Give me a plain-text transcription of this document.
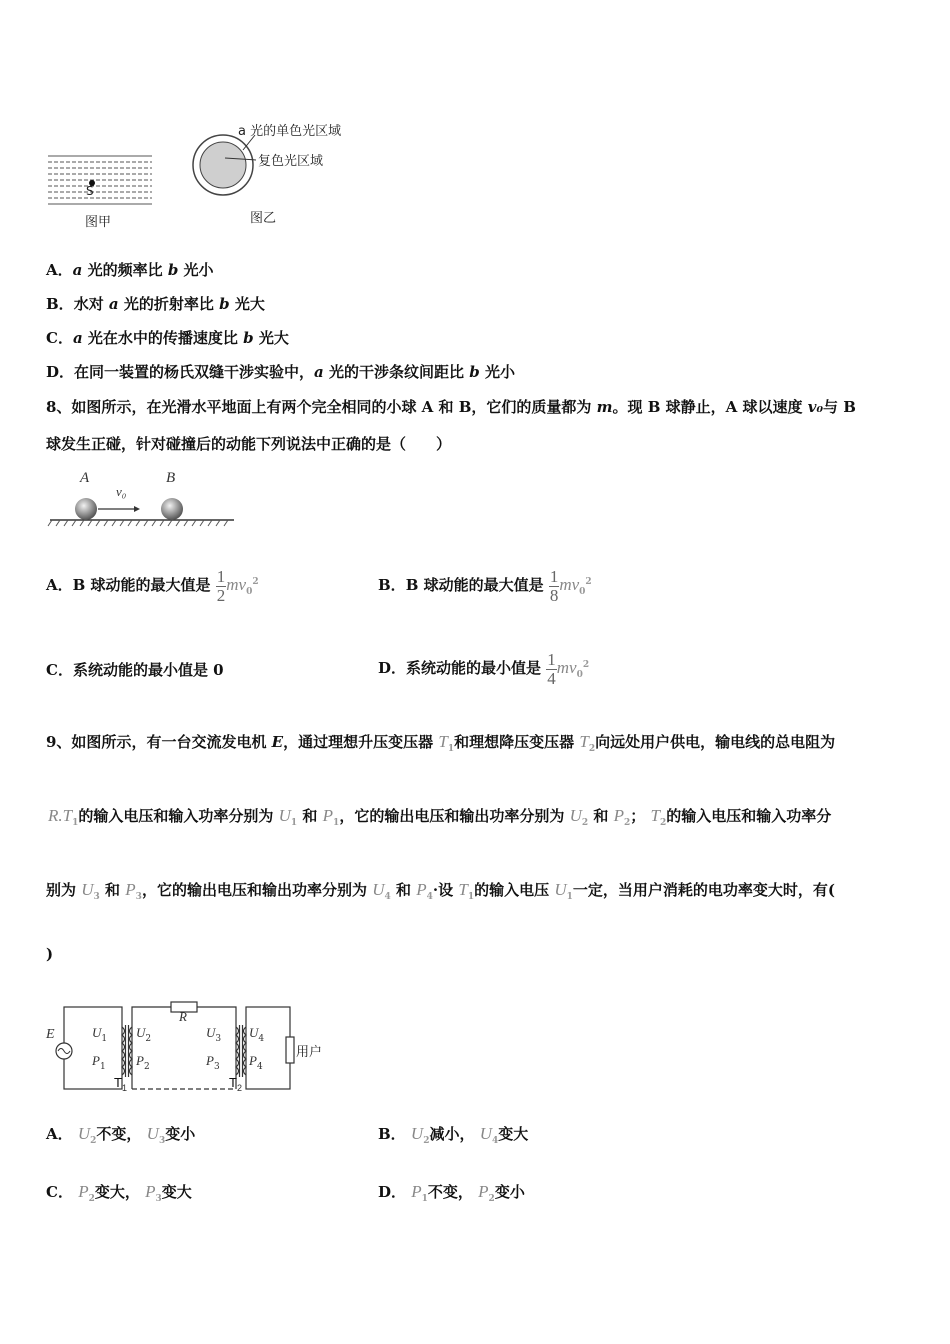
S
图甲
a 光的单色光区域
复色光区域
图乙
A．a 光的频率比 b 光小
B．水对 a 光的折射率比 b 光大
C．a 光在水中的传播速度比 b 光大
D．在同一装置的杨氏双缝干涉实验中，a 光的干涉条纹间距比 b 光小
8、如图所示，在光滑水平地面上有两个完全相同的小球 A 和 B，它们的质量都为 m。现 B 球静止，A 球以速度 v₀与 B
球发生正碰，针对碰撞后的动能下列说法中正确的是（　　）
A	B
v₀
A．B 球动能的最大值是 $\frac{1}{2} mv_0^2$	B．B 球动能的最大值是 $\frac{1}{8} mv_0^2$
C．系统动能的最小值是 0	D．系统动能的最小值是 $\frac{1}{4} mv_0^2$
9、如图所示，有一台交流发电机 E，通过理想升压变压器 $T_1$和理想降压变压器 $T_2$向远处用户供电，输电线的总电阻为
$R.T_1$的输入电压和输入功率分别为 $U_1$ 和 $P_1$，它的输出电压和输出功率分别为 $U_2$ 和 $P_2$； $T_2$的输入电压和输入功率分
别为 $U_3$ 和 $P_3$，它的输出电压和输出功率分别为 $U_4$ 和 $P_4\cdot$设 $T_1$的输入电压 $U_1$一定，当用户消耗的电功率变大时，有(
)
E
R
$U_1$
$P_1$
$U_2$
$P_2$
$U_3$
$P_3$
$U_4$
$P_4$
$T_1$	$T_2$
用户
A． $U_2$不变， $U_3$变小	B． $U_2$减小， $U_4$变大
C． $P_2$变大， $P_3$变大	D． $P_1$不变， $P_2$变小
